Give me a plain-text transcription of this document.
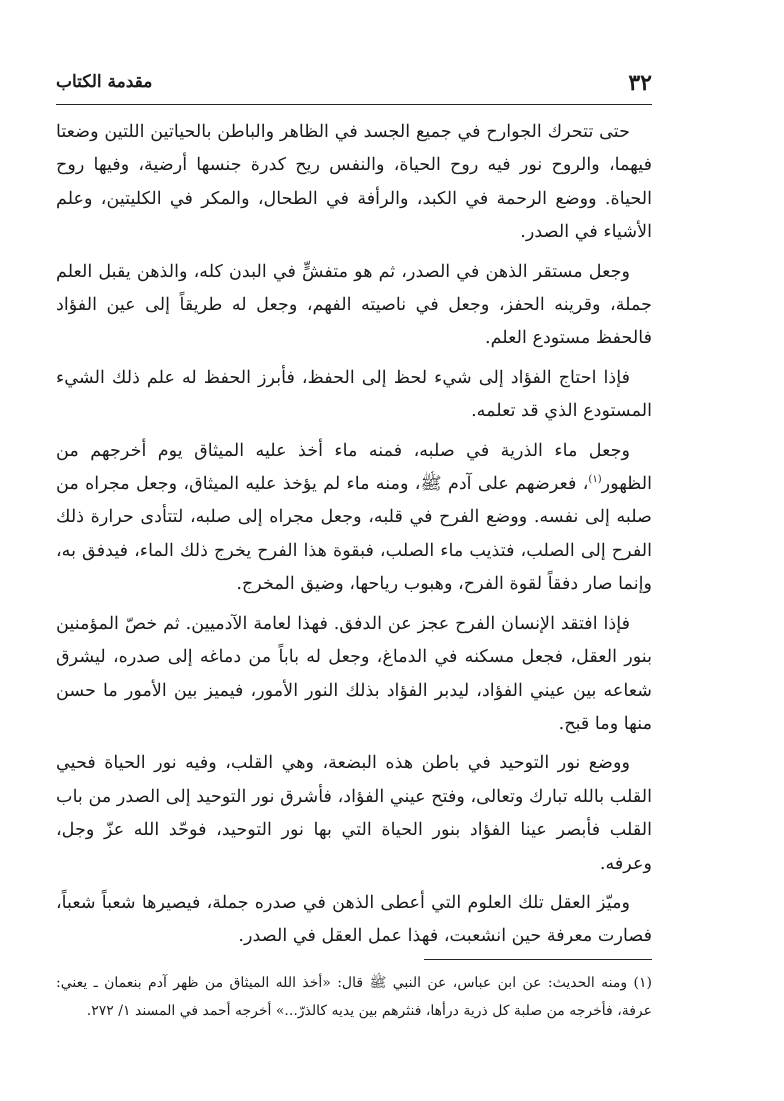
٣٢
مقدمة الكتاب

حتى تتحرك الجوارح في جميع الجسد في الظاهر والباطن بالحياتين اللتين وضعتا فيهما، والروح نور فيه روح الحياة، والنفس ريح كدرة جنسها أرضية، وفيها روح الحياة. ووضع الرحمة في الكبد، والرأفة في الطحال، والمكر في الكليتين، وعلم الأشياء في الصدر.

وجعل مستقر الذهن في الصدر، ثم هو متفشٍّ في البدن كله، والذهن يقبل العلم جملة، وقرينه الحفز، وجعل في ناصيته الفهم، وجعل له طريقاً إلى عين الفؤاد فالحفظ مستودع العلم.

فإذا احتاج الفؤاد إلى شيء لحظ إلى الحفظ، فأبرز الحفظ له علم ذلك الشيء المستودع الذي قد تعلمه.

وجعل ماء الذرية في صلبه، فمنه ماء أخذ عليه الميثاق يوم أخرجهم من الظهور$^{(١)}$، فعرضهم على آدم ﷺ، ومنه ماء لم يؤخذ عليه الميثاق، وجعل مجراه من صلبه إلى نفسه. ووضع الفرح في قلبه، وجعل مجراه إلى صلبه، لتتأدى حرارة ذلك الفرح إلى الصلب، فتذيب ماء الصلب، فبقوة هذا الفرح يخرج ذلك الماء، فيدفق به، وإنما صار دفقاً لقوة الفرح، وهبوب رياحها، وضيق المخرج.

فإذا افتقد الإنسان الفرح عجز عن الدفق. فهذا لعامة الآدميين. ثم خصّ المؤمنين بنور العقل، فجعل مسكنه في الدماغ، وجعل له باباً من دماغه إلى صدره، ليشرق شعاعه بين عيني الفؤاد، ليدبر الفؤاد بذلك النور الأمور، فيميز بين الأمور ما حسن منها وما قبح.

ووضع نور التوحيد في باطن هذه البضعة، وهي القلب، وفيه نور الحياة فحيي القلب بالله تبارك وتعالى، وفتح عيني الفؤاد، فأشرق نور التوحيد إلى الصدر من باب القلب فأبصر عينا الفؤاد بنور الحياة التي بها نور التوحيد، فوحّد الله عزّ وجل، وعرفه.

وميّز العقل تلك العلوم التي أعطى الذهن في صدره جملة، فيصيرها شعباً شعباً، فصارت معرفة حين انشعبت، فهذا عمل العقل في الصدر.

(١) ومنه الحديث: عن ابن عباس، عن النبي ﷺ قال: «أخذ الله الميثاق من ظهر آدم بنعمان ـ يعني: عرفة، فأخرجه من صلبة كل ذرية درأها، فنثرهم بين يديه كالذرّ...» أخرجه أحمد في المسند ١/ ٢٧٢.
